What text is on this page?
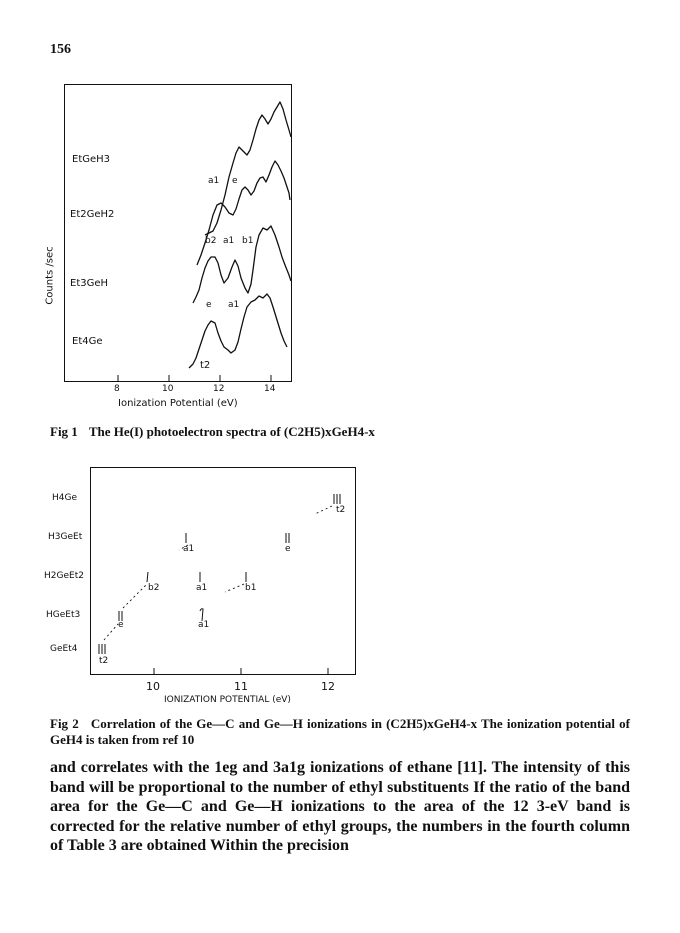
156
EtGeH3
Et2GeH2
Et3GeH
Et4Ge
a1 e
b2 a1 b1
e a1
t2
Counts /sec
8	10	12	14
Ionization Potential (eV)
Fig 1 The He(I) photoelectron spectra of (C2H5)xGeH4-x
H4Ge
H3GeEt
H2GeEt2
HGeEt3
GeEt4
t2
a1	e
b2	a1	b1
e	a1
t2
10	11	12
IONIZATION POTENTIAL (eV)
Fig 2 Correlation of the Ge—C and Ge—H ionizations in (C2H5)xGeH4-x The ionization potential of GeH4 is taken from ref 10

and correlates with the 1eg and 3a1g ionizations of ethane [11]. The intensity of this band will be proportional to the number of ethyl substituents If the ratio of the band area for the Ge—C and Ge—H ionizations to the area of the 12 3-eV band is corrected for the relative number of ethyl groups, the numbers in the fourth column of Table 3 are obtained Within the precision
